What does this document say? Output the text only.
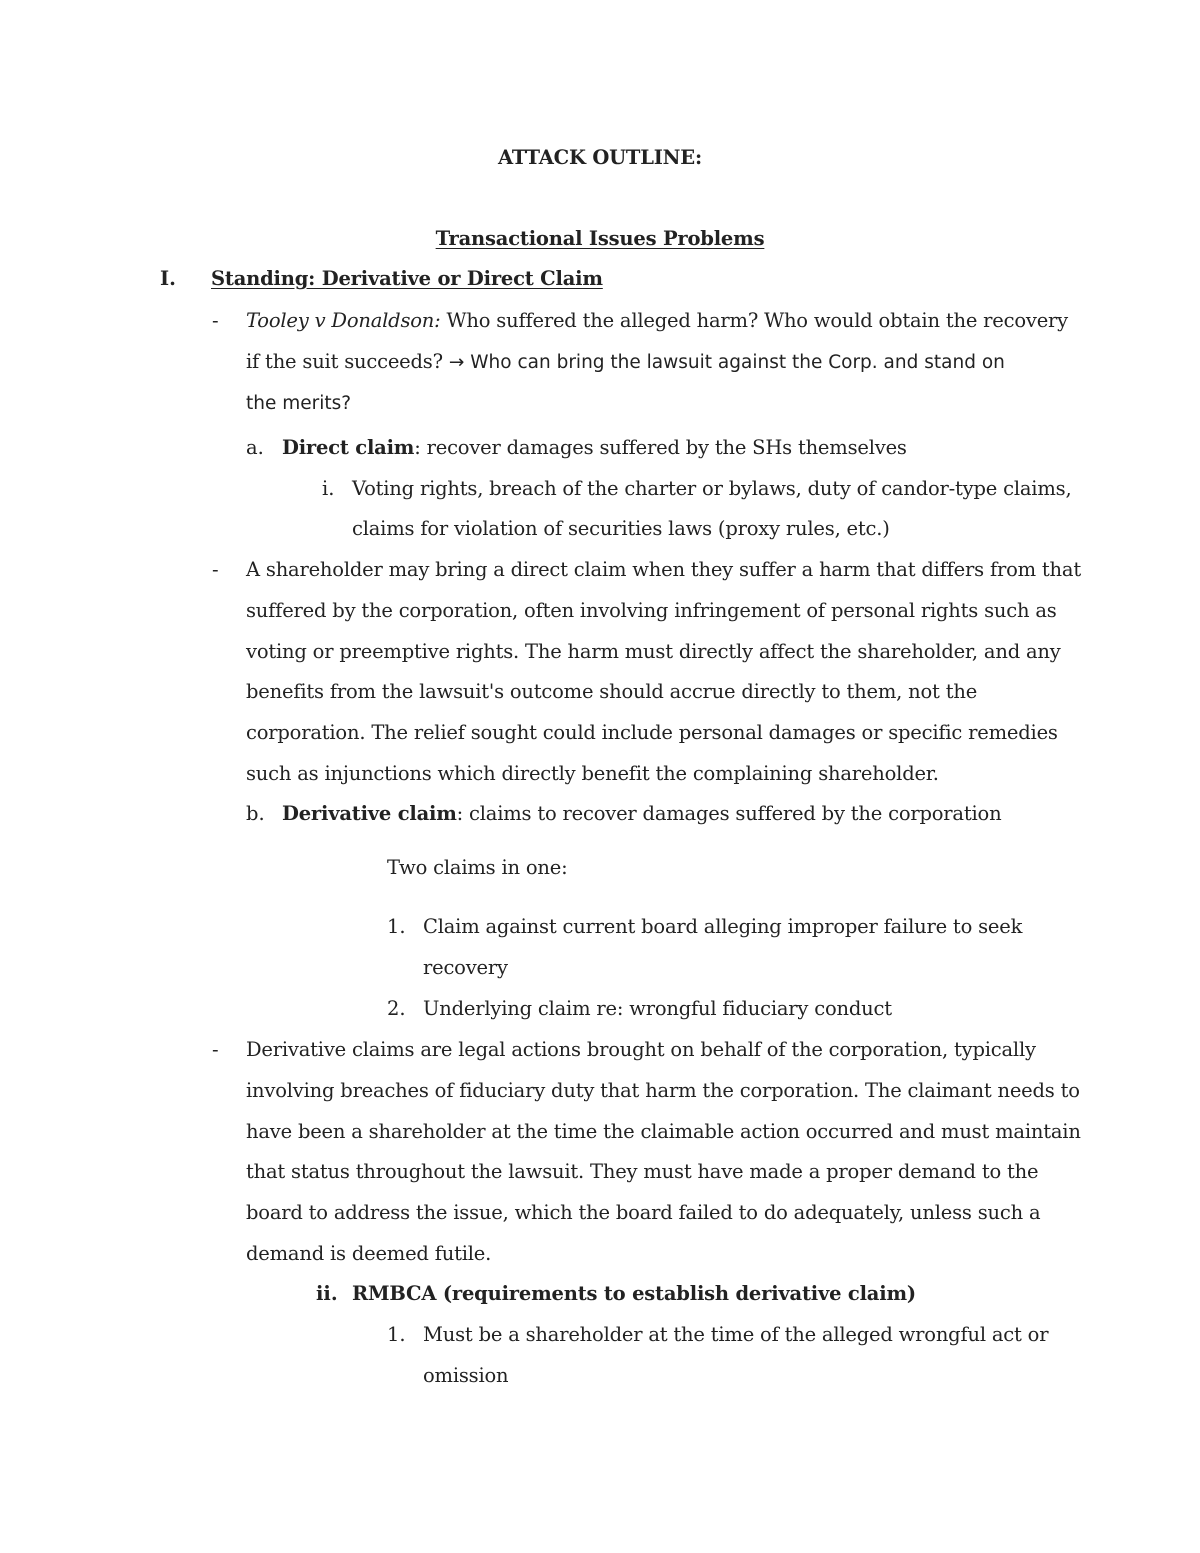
ATTACK OUTLINE:
Transactional Issues Problems
I. Standing: Derivative or Direct Claim
- Tooley v Donaldson: Who suffered the alleged harm? Who would obtain the recovery
if the suit succeeds? → Who can bring the lawsuit against the Corp. and stand on
the merits?
a. Direct claim: recover damages suffered by the SHs themselves
i. Voting rights, breach of the charter or bylaws, duty of candor-type claims,
claims for violation of securities laws (proxy rules, etc.)
- A shareholder may bring a direct claim when they suffer a harm that differs from that
suffered by the corporation, often involving infringement of personal rights such as
voting or preemptive rights. The harm must directly affect the shareholder, and any
benefits from the lawsuit's outcome should accrue directly to them, not the
corporation. The relief sought could include personal damages or specific remedies
such as injunctions which directly benefit the complaining shareholder.
b. Derivative claim: claims to recover damages suffered by the corporation
Two claims in one:
1. Claim against current board alleging improper failure to seek
recovery
2. Underlying claim re: wrongful fiduciary conduct
- Derivative claims are legal actions brought on behalf of the corporation, typically
involving breaches of fiduciary duty that harm the corporation. The claimant needs to
have been a shareholder at the time the claimable action occurred and must maintain
that status throughout the lawsuit. They must have made a proper demand to the
board to address the issue, which the board failed to do adequately, unless such a
demand is deemed futile.
ii. RMBCA (requirements to establish derivative claim)
1. Must be a shareholder at the time of the alleged wrongful act or
omission
